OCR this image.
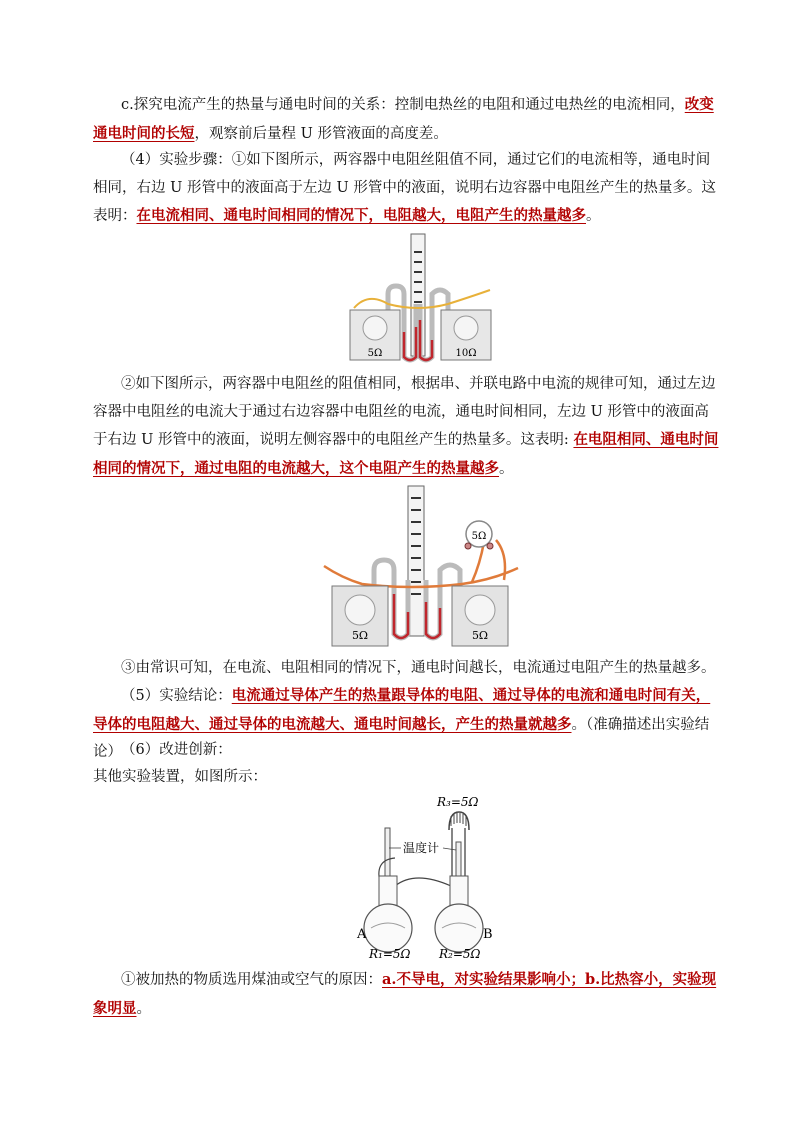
c.探究电流产生的热量与通电时间的关系：控制电热丝的电阻和通过电热丝的电流相同，改变通电时间的长短，观察前后量程 U 形管液面的高度差。

（4）实验步骤：①如下图所示，两容器中电阻丝阻值不同，通过它们的电流相等，通电时间相同，右边 U 形管中的液面高于左边 U 形管中的液面，说明右边容器中电阻丝产生的热量多。这表明：在电流相同、通电时间相同的情况下，电阻越大，电阻产生的热量越多。

5Ω	10Ω

②如下图所示，两容器中电阻丝的阻值相同，根据串、并联电路中电流的规律可知，通过左边容器中电阻丝的电流大于通过右边容器中电阻丝的电流，通电时间相同，左边 U 形管中的液面高于右边 U 形管中的液面，说明左侧容器中的电阻丝产生的热量多。这表明: 在电阻相同、通电时间相同的情况下，通过电阻的电流越大，这个电阻产生的热量越多。

5Ω
5Ω	5Ω

③由常识可知，在电流、电阻相同的情况下，通电时间越长，电流通过电阻产生的热量越多。

（5）实验结论：电流通过导体产生的热量跟导体的电阻、通过导体的电流和通电时间有关，导体的电阻越大、通过导体的电流越大、通电时间越长，产生的热量就越多。（准确描述出实验结论） （6）改进创新：

其他实验装置，如图所示：

R₃=5Ω
温度计
A	B
R₁=5Ω R₂=5Ω

①被加热的物质选用煤油或空气的原因：a.不导电，对实验结果影响小；b.比热容小，实验现象明显。
